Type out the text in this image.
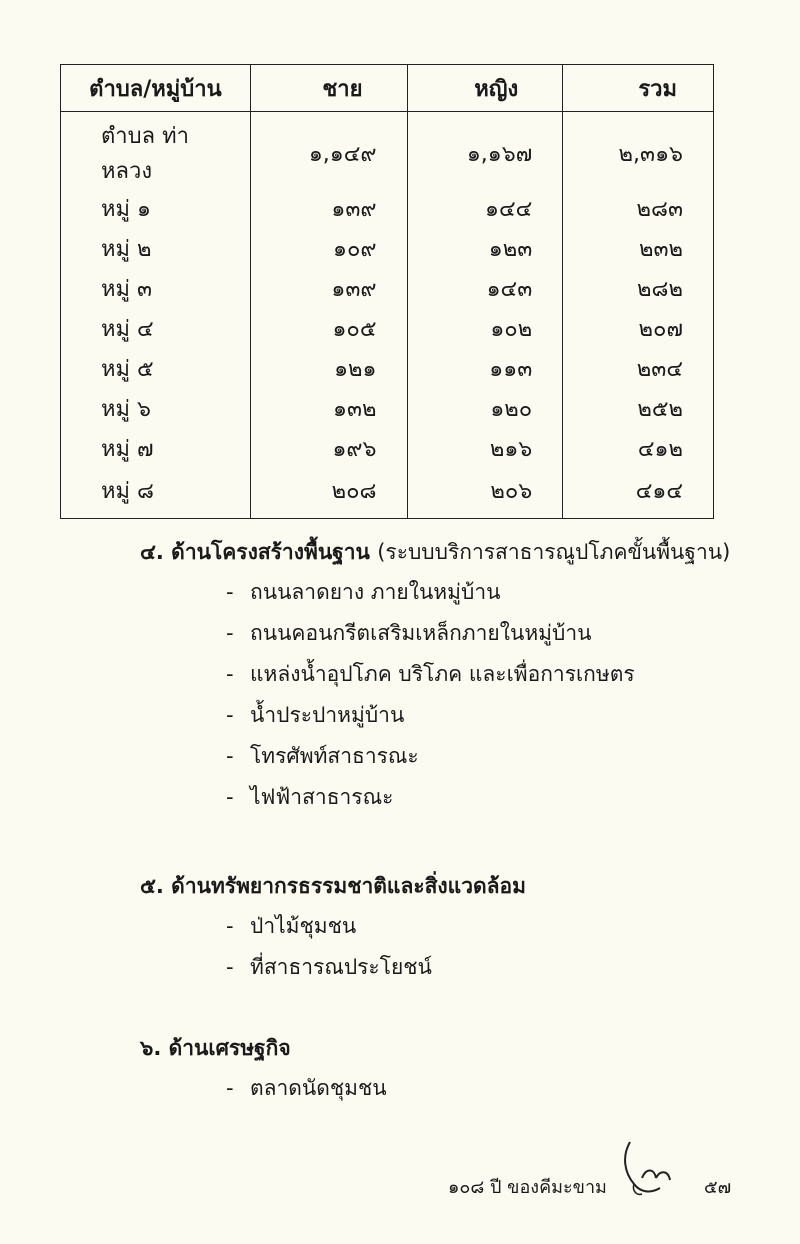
ตำบล/หมู่บ้าน	ชาย	หญิง	รวม
ตำบล ท่าหลวง	๑,๑๔๙	๑,๑๖๗	๒,๓๑๖
หมู่ ๑	๑๓๙	๑๔๔	๒๘๓
หมู่ ๒	๑๐๙	๑๒๓	๒๓๒
หมู่ ๓	๑๓๙	๑๔๓	๒๘๒
หมู่ ๔	๑๐๕	๑๐๒	๒๐๗
หมู่ ๕	๑๒๑	๑๑๓	๒๓๔
หมู่ ๖	๑๓๒	๑๒๐	๒๕๒
หมู่ ๗	๑๙๖	๒๑๖	๔๑๒
หมู่ ๘	๒๐๘	๒๐๖	๔๑๔
๔. ด้านโครงสร้างพื้นฐาน (ระบบบริการสาธารณูปโภคขั้นพื้นฐาน)
- ถนนลาดยาง ภายในหมู่บ้าน
- ถนนคอนกรีตเสริมเหล็กภายในหมู่บ้าน
- แหล่งน้ำอุปโภค บริโภค และเพื่อการเกษตร
- น้ำประปาหมู่บ้าน
- โทรศัพท์สาธารณะ
- ไฟฟ้าสาธารณะ
๕. ด้านทรัพยากรธรรมชาติและสิ่งแวดล้อม
- ป่าไม้ชุมชน
- ที่สาธารณประโยชน์
๖. ด้านเศรษฐกิจ
- ตลาดนัดชุมชน
๑๐๘ ปี ของคีมะขาม	๕๗
